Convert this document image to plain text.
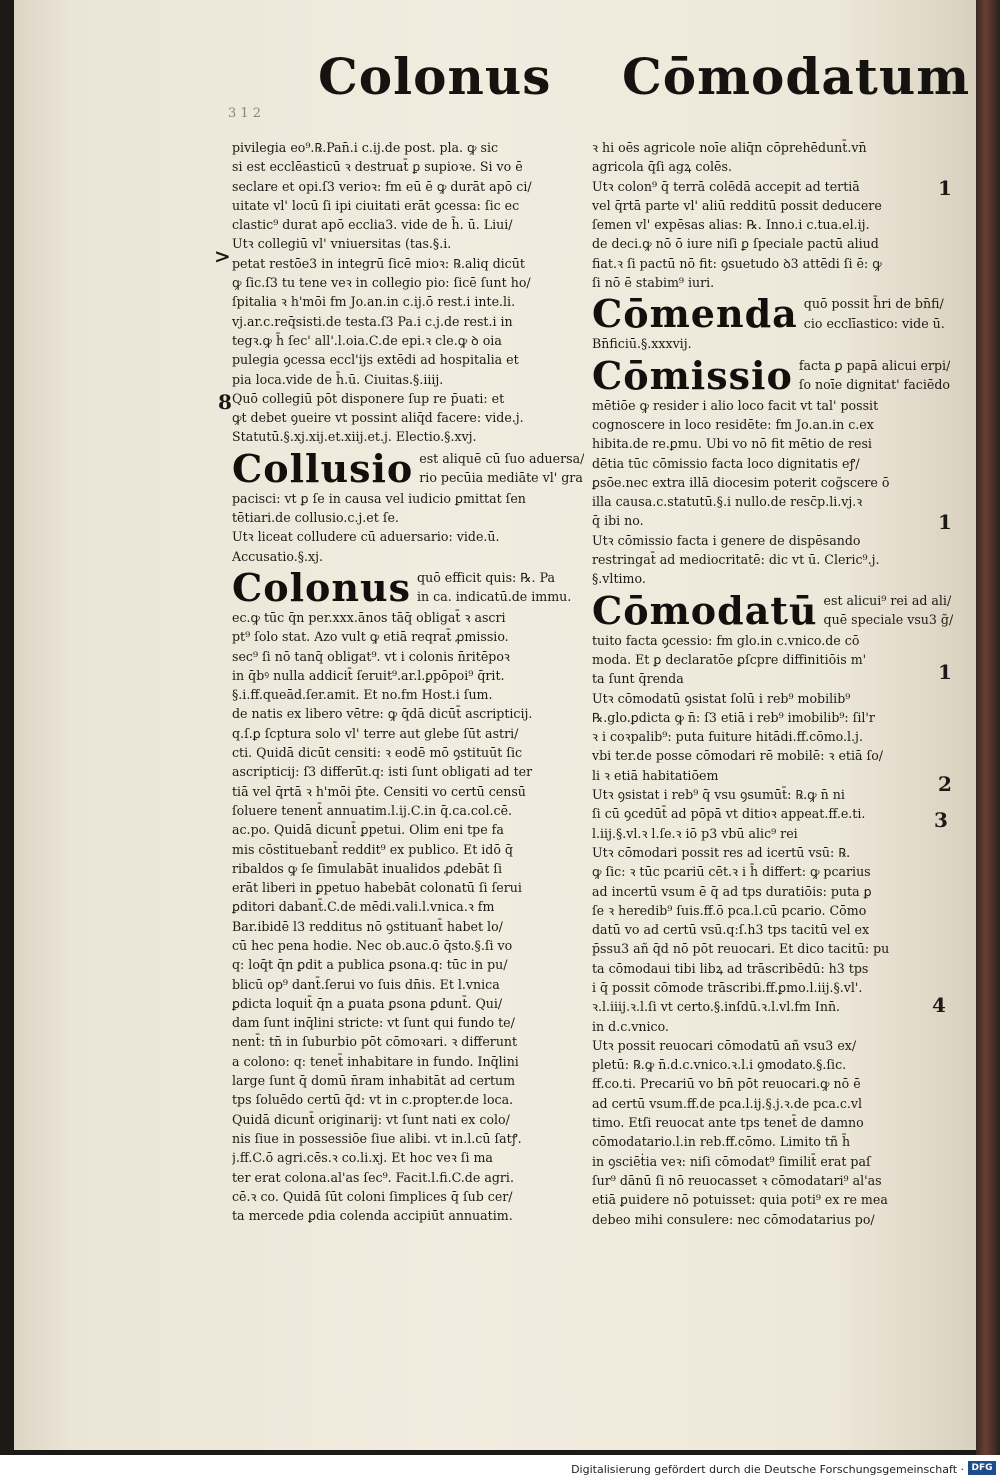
3 1 2
Colonus Cōmodatum

pivilegia eo⁹.℞.Pan̄.i c.ij.de post. pla. ꝙ sic

si est ecclēasticū ꝛ destruat̄ ꝑ supioꝛe. Si vo ē

seclare et opi.ſ3 verioꝛ: fm eū ē ꝙ durāt apō ci/

uitate vl' locū ſi ipi ciuitati erāt ꝯcessa: ſic ec

clastic⁹ durat apō ecclia3. vide de h̄. ū. Liui/

Utꝛ collegiū vl' vniuersitas (tas.§.i.

petat restōe3 in integrū ſicē mioꝛ: ℞.aliq dicūt

ꝙ ſic.ſ3 tu tene veꝛ in collegio pio: ſicē ſunt ho/

ſpitalia ꝛ h'mōi fm Jo.an.in c.ij.ō rest.i inte.li.

vj.ar.c.req̄sisti.de testa.ſ3 Pa.i c.j.de rest.i in

tegꝛ.ꝙ h̄ ſec' all'.l.oia.C.de epi.ꝛ cle.ꝙ ꝺ oia

pulegia ꝯcessa eccl'ijs extēdi ad hospitalia et

pia loca.vide de h̄.ū. Ciuitas.§.iiij.

Quō collegiū pōt disponere ſup re p̄uati: et

ꝙt debet ꝯueire vt possint aliq̄d facere: vide.j.

Statutū.§.xj.xij.et.xiij.et.j. Electio.§.xvj.

Collusio est aliquē cū ſuo aduersa/

rio pecūia mediāte vl' gra

pacisci: vt ꝑ ſe in causa vel iudicio ꝑmittat ſen

tētiari.de collusio.c.j.et ſe.

Utꝛ liceat colludere cū aduersario: vide.ū.

Accusatio.§.xj.

Colonus quō efficit quis: ℞. Pa

in ca. indicatū.de immu.

ec.ꝙ tūc q̄n per.xxx.ānos tāq̄ obligat̄ ꝛ ascri

pt⁹ ſolo stat. Azo vult ꝙ etiā reqrat̄ ꝓmissio.

sec⁹ ſi nō tanq̄ obligat⁹. vt i colonis n̄ritēpoꝛ

in q̄bꝰ nulla addicit̄ ſeruit⁹.ar.l.ꝑpōpoi⁹ q̄rit.

§.i.ff.queād.ſer.amit. Et no.fm Host.i ſum.

de natis ex libero vētre: ꝙ q̄dā dicūt̄ ascripticij.

q.ſ.ꝑ ſcptura solo vl' terre aut glebe ſūt astri/

cti. Quidā dicūt censiti: ꝛ eodē mō ꝯstituūt ſic

ascripticij: ſ3 differūt.q: isti ſunt obligati ad ter

tiā vel q̄rtā ꝛ h'mōi p̄te. Censiti vo certū censū

ſoluere tenent̄ annuatim.l.ij.C.in q̄.ca.col.cē.

ac.po. Quidā dicunt̄ ꝑpetui. Olim eni tpe fa

mis cōstituebant̄ reddit⁹ ex publico. Et idō q̄

ribaldos ꝙ ſe ſimulabāt inualidos ꝓdebāt ſi

erāt liberi in ꝑpetuo habebāt colonatū ſi ſerui

ꝑditori dabant̄.C.de mēdi.vali.l.vnica.ꝛ fm

Bar.ibidē l3 redditus nō ꝯstituant̄ habet lo/

cū hec pena hodie. Nec ob.auc.ō q̄sto.§.ſi vo

q: loq̄t q̄n ꝑdit a publica ꝑsona.q: tūc in pu/

blicū op⁹ dant̄.ſerui vo ſuis dn̄is. Et l.vnica

ꝑdicta loquit̄ q̄n a ꝑuata ꝑsona ꝑdunt̄. Qui/

dam ſunt inq̄lini stricte: vt ſunt qui fundo te/

nent̄: tn̄ in ſuburbio pōt cōmoꝛari. ꝛ differunt

a colono: q: tenet̄ inhabitare in fundo. Inq̄lini

large ſunt q̄ domū n̄ram inhabitāt ad certum

tps ſoluēdo certū q̄d: vt in c.propter.de loca.

Quidā dicunt̄ originarij: vt ſunt nati ex colo/

nis ſiue in possessiōe ſiue alibi. vt in.l.cū ſatꝭ.

j.ff.C.ō agri.cēs.ꝛ co.li.xj. Et hoc veꝛ ſi ma

ter erat colona.al'as ſec⁹. Facit.l.fi.C.de agri.

cē.ꝛ co. Quidā ſūt coloni ſimplices q̄ ſub cer/

ta mercede ꝑdia colenda accipiūt annuatim.

ꝛ hi oēs agricole noīe aliq̄n cōprehēdunt̄.vn̄

agricola q̄ſi agꝝ colēs.

Utꝛ colon⁹ q̄ terrā colēdā accepit ad tertiā

vel q̄rtā parte vl' aliū redditū possit deducere

ſemen vl' expēsas alias: ℞. Inno.i c.tua.el.ij.

de deci.ꝙ nō ō iure niſi ꝑ ſpeciale pactū aliud

fiat.ꝛ ſi pactū nō fit: ꝯsuetudo ꝺ3 attēdi ſi ē: ꝙ

ſi nō ē stabim⁹ iuri.

Cōmenda quō possit h̄ri de bn̄fi/

cio ecclīastico: vide ū.

Bn̄ficiū.§.xxxvij.

Cōmissio facta ꝑ papā alicui erpi/

ſo noīe dignitat' faciēdo

mētiōe ꝙ resider i alio loco facit vt tal' possit

cognoscere in loco residēte: fm Jo.an.in c.ex

hibita.de re.ꝑmu. Ubi vo nō fit mētio de resi

dētia tūc cōmissio facta loco dignitatis eꝭ/

ꝑsōe.nec extra illā diocesim poterit cog̃scere ō

illa causa.c.statutū.§.i nullo.de resc̄p.li.vj.ꝛ

q̄ ibi no.

Utꝛ cōmissio facta i genere de dispēsando

restringat̄ ad mediocritatē: dic vt ū. Cleric⁹.j.

§.vltimo.

Cōmodatū est alicui⁹ rei ad ali/

quē speciale vsu3 g̃/

tuito facta ꝯcessio: fm glo.in c.vnico.de cō

moda. Et ꝑ declaratōe ꝑſcpre diffinitiōis m'

ta ſunt q̄renda

Utꝛ cōmodatū ꝯsistat ſolū i reb⁹ mobilib⁹

℞.glo.ꝑdicta ꝙ n̄: ſ3 etiā i reb⁹ imobilib⁹: ſil'r

ꝛ i coꝛpalib⁹: puta fuiture hitādi.ff.cōmo.l.j.

vbi ter.de posse cōmodari rē mobilē: ꝛ etiā ſo/

li ꝛ etiā habitatiōem

Utꝛ ꝯsistat i reb⁹ q̄ vsu ꝯsumūt̄: ℞.ꝙ n̄ ni

ſi cū ꝯcedūt̄ ad pōpā vt ditioꝛ appeat.ff.e.ti.

l.iij.§.vl.ꝛ l.ſe.ꝛ iō p3 vbū alic⁹ rei

Utꝛ cōmodari possit res ad icertū vsū: ℞.

ꝙ ſic: ꝛ tūc pcariū cēt.ꝛ i h̄ differt: ꝙ pcarius

ad incertū vsum ē q̄ ad tps duratiōis: puta ꝑ

ſe ꝛ heredib⁹ ſuis.ff.ō pca.l.cū pcario. Cōmo

datū vo ad certū vsū.q:ſ.h3 tps tacitū vel ex

p̄ssu3 añ q̄d nō pōt reuocari. Et dico tacitū: pu

ta cōmodaui tibi libꝝ ad trāscribēdū: h3 tps

i q̄ possit cōmode trāscribi.ff.ꝑmo.l.iij.§.vl'.

ꝛ.l.iiij.ꝛ.l.ſi vt certo.§.inſdū.ꝛ.l.vl.fm Inn̄.

in d.c.vnico.

Utꝛ possit reuocari cōmodatū añ vsu3 ex/

pletū: ℞.ꝙ n̄.d.c.vnico.ꝛ.l.i ꝯmodato.§.ſic.

ff.co.ti. Precariū vo bn̄ pōt reuocari.ꝙ nō ē

ad certū vsum.ff.de pca.l.ij.§.j.ꝛ.de pca.c.vl

timo. Etſi reuocat ante tps tenet̄ de damno

cōmodatario.l.in reb.ff.cōmo. Limito tñ h̄

in ꝯsciēṫia veꝛ: niſi cōmodat⁹ ſimilit̄ erat paſ

ſur⁹ dānū ſi nō reuocasset ꝛ cōmodatari⁹ al'as

etiā ꝑuidere nō potuisset: quia poti⁹ ex re mea

debeo mihi consulere: nec cōmodatarius po/

>
8
1
1
1
2
3
4
Digitalisierung gefördert durch die Deutsche Forschungsgemeinschaft · DFG
